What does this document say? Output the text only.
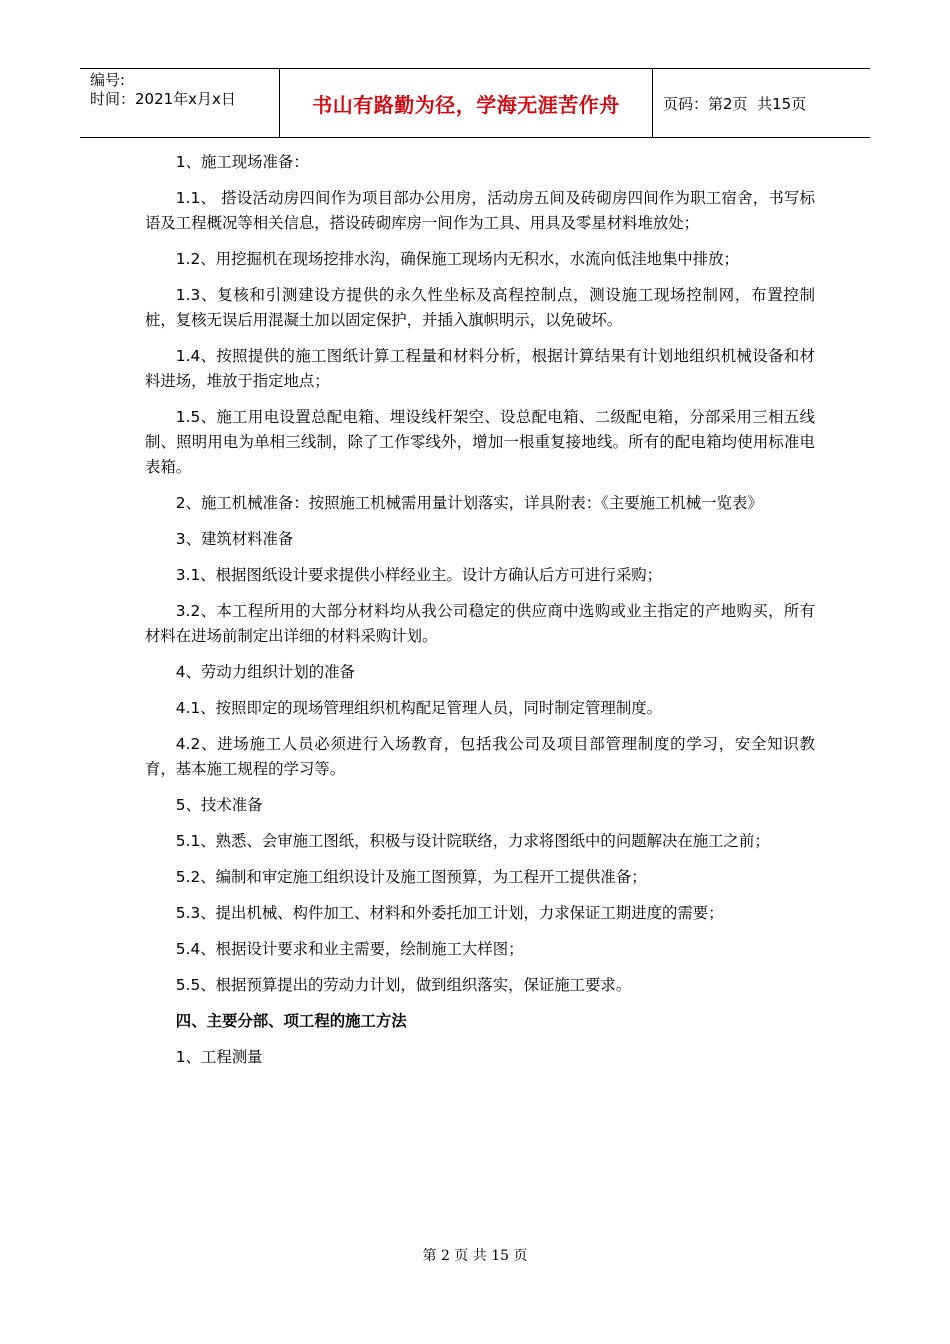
编号:
时间：2021年x月x日	书山有路勤为径，学海无涯苦作舟	页码：第2页  共15页

1、施工现场准备：

1.1、 搭设活动房四间作为项目部办公用房，活动房五间及砖砌房四间作为职工宿舍，书写标语及工程概况等相关信息，搭设砖砌库房一间作为工具、用具及零星材料堆放处；

1.2、用挖掘机在现场挖排水沟，确保施工现场内无积水，水流向低洼地集中排放；

1.3、复核和引测建设方提供的永久性坐标及高程控制点，测设施工现场控制网，布置控制桩，复核无误后用混凝土加以固定保护，并插入旗帜明示，以免破坏。

1.4、按照提供的施工图纸计算工程量和材料分析，根据计算结果有计划地组织机械设备和材料进场，堆放于指定地点；

1.5、施工用电设置总配电箱、埋设线杆架空、设总配电箱、二级配电箱，分部采用三相五线制、照明用电为单相三线制，除了工作零线外，增加一根重复接地线。所有的配电箱均使用标准电表箱。

2、施工机械准备：按照施工机械需用量计划落实，详具附表：《主要施工机械一览表》

3、建筑材料准备

3.1、根据图纸设计要求提供小样经业主。设计方确认后方可进行采购；

3.2、本工程所用的大部分材料均从我公司稳定的供应商中选购或业主指定的产地购买，所有材料在进场前制定出详细的材料采购计划。

4、劳动力组织计划的准备

4.1、按照即定的现场管理组织机构配足管理人员，同时制定管理制度。

4.2、进场施工人员必须进行入场教育，包括我公司及项目部管理制度的学习，安全知识教育，基本施工规程的学习等。

5、技术准备

5.1、熟悉、会审施工图纸，积极与设计院联络，力求将图纸中的问题解决在施工之前；

5.2、编制和审定施工组织设计及施工图预算，为工程开工提供准备；

5.3、提出机械、构件加工、材料和外委托加工计划，力求保证工期进度的需要；

5.4、根据设计要求和业主需要，绘制施工大样图；

5.5、根据预算提出的劳动力计划，做到组织落实，保证施工要求。

四、主要分部、项工程的施工方法

1、工程测量

第 2 页 共 15 页
